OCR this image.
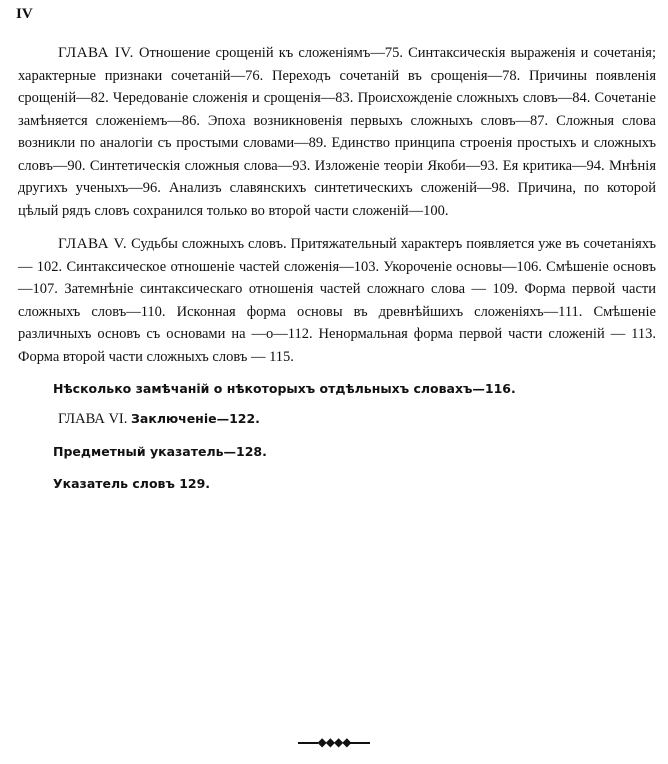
IV

ГЛАВА IV. Отношение срощеній къ сложеніямъ—75. Синтаксическія выраженія и сочетанія; характерные признаки сочетаній—76. Переходъ сочетаній въ срощенія—78. Причины появленія срощеній—82. Чередованіе сложенія и срощенія—83. Происхожденіе сложныхъ словъ—84. Сочетаніе замѣняется сложеніемъ—86. Эпоха возникновенія первыхъ сложныхъ словъ—87. Сложныя слова возникли по аналогіи съ простыми словами—89. Единство принципа строенія простыхъ и сложныхъ словъ—90. Синтетическія сложныя слова—93. Изложеніе теоріи Якоби—93. Ея критика—94. Мнѣнія другихъ ученыхъ—96. Анализъ славянскихъ синтетическихъ сложеній—98. Причина, по которой цѣлый рядъ словъ сохранился только во второй части сложеній—100.

ГЛАВА V. Судьбы сложныхъ словъ. Притяжательный характеръ появляется уже въ сочетаніяхъ — 102. Синтаксическое отношеніе частей сложенія—103. Укороченіе основы—106. Смѣшеніе основъ—107. Затемнѣніе синтаксическаго отношенія частей сложнаго слова — 109. Форма первой части сложныхъ словъ—110. Исконная форма основы въ древнѣйшихъ сложеніяхъ—111. Смѣшеніе различныхъ основъ съ основами на —о—112. Ненормальная форма первой части сложеній — 113. Форма второй части сложныхъ словъ — 115.

Нѣсколько замѣчаній о нѣкоторыхъ отдѣльныхъ словахъ—116.
ГЛАВА VI. Заключеніе—122.
Предметный указатель—128.
Указатель словъ 129.
◆◆◆◆
